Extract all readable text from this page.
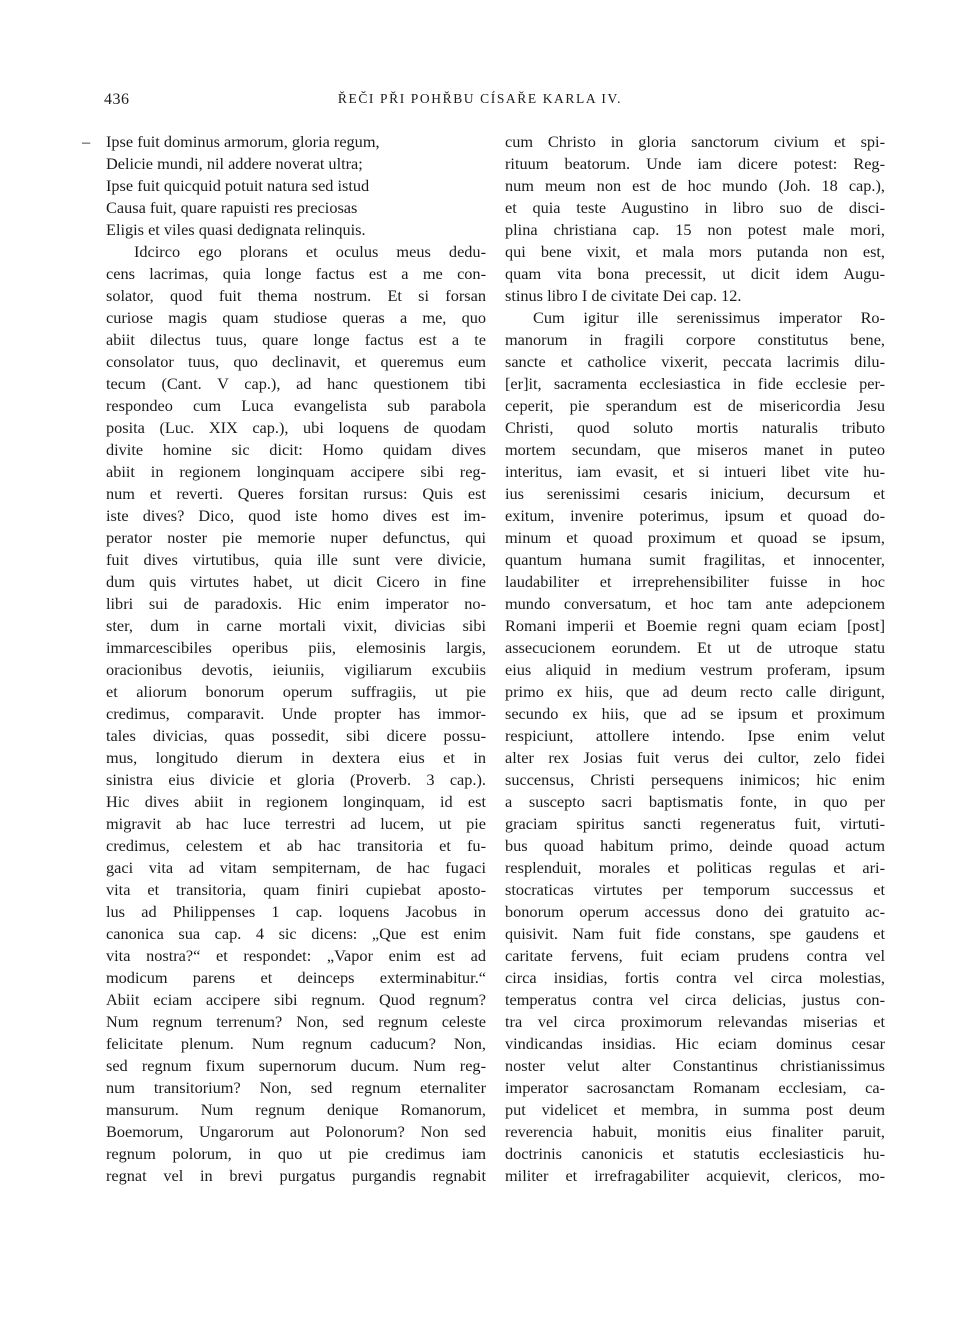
436	ŘEČI PŘI POHŘBU CÍSAŘE KARLA IV.
– Ipse fuit dominus armorum, gloria regum,
Delicie mundi, nil addere noverat ultra;
Ipse fuit quicquid potuit natura sed istud
Causa fuit, quare rapuisti res preciosas
Eligis et viles quasi dedignata relinquis.
Idcirco ego plorans et oculus meus dedu-
cens lacrimas, quia longe factus est a me con-
solator, quod fuit thema nostrum. Et si forsan
curiose magis quam studiose queras a me, quo
abiit dilectus tuus, quare longe factus est a te
consolator tuus, quo declinavit, et queremus eum
tecum (Cant. V cap.), ad hanc questionem tibi
respondeo cum Luca evangelista sub parabola
posita (Luc. XIX cap.), ubi loquens de quodam
divite homine sic dicit: Homo quidam dives
abiit in regionem longinquam accipere sibi reg-
num et reverti. Queres forsitan rursus: Quis est
iste dives? Dico, quod iste homo dives est im-
perator noster pie memorie nuper defunctus, qui
fuit dives virtutibus, quia ille sunt vere divicie,
dum quis virtutes habet, ut dicit Cicero in fine
libri sui de paradoxis. Hic enim imperator no-
ster, dum in carne mortali vixit, divicias sibi
immarcescibiles operibus piis, elemosinis largis,
oracionibus devotis, ieiuniis, vigiliarum excubiis
et aliorum bonorum operum suffragiis, ut pie
credimus, comparavit. Unde propter has immor-
tales divicias, quas possedit, sibi dicere possu-
mus, longitudo dierum in dextera eius et in
sinistra eius divicie et gloria (Proverb. 3 cap.).
Hic dives abiit in regionem longinquam, id est
migravit ab hac luce terrestri ad lucem, ut pie
credimus, celestem et ab hac transitoria et fu-
gaci vita ad vitam sempiternam, de hac fugaci
vita et transitoria, quam finiri cupiebat aposto-
lus ad Philippenses 1 cap. loquens Jacobus in
canonica sua cap. 4 sic dicens: „Que est enim
vita nostra?“ et respondet: „Vapor enim est ad
modicum parens et deinceps exterminabitur.“
Abiit eciam accipere sibi regnum. Quod regnum?
Num regnum terrenum? Non, sed regnum celeste
felicitate plenum. Num regnum caducum? Non,
sed regnum fixum supernorum ducum. Num reg-
num transitorium? Non, sed regnum eternaliter
mansurum. Num regnum denique Romanorum,
Boemorum, Ungarorum aut Polonorum? Non sed
regnum polorum, in quo ut pie credimus iam
regnat vel in brevi purgatus purgandis regnabit
cum Christo in gloria sanctorum civium et spi-
rituum beatorum. Unde iam dicere potest: Reg-
num meum non est de hoc mundo (Joh. 18 cap.),
et quia teste Augustino in libro suo de disci-
plina christiana cap. 15 non potest male mori,
qui bene vixit, et mala mors putanda non est,
quam vita bona precessit, ut dicit idem Augu-
stinus libro I de civitate Dei cap. 12.
Cum igitur ille serenissimus imperator Ro-
manorum in fragili corpore constitutus bene,
sancte et catholice vixerit, peccata lacrimis dilu-
[er]it, sacramenta ecclesiastica in fide ecclesie per-
ceperit, pie sperandum est de misericordia Jesu
Christi, quod soluto mortis naturalis tributo
mortem secundam, que miseros manet in puteo
interitus, iam evasit, et si intueri libet vite hu-
ius serenissimi cesaris inicium, decursum et
exitum, invenire poterimus, ipsum et quoad do-
minum et quoad proximum et quoad se ipsum,
quantum humana sumit fragilitas, et innocenter,
laudabiliter et irreprehensibiliter fuisse in hoc
mundo conversatum, et hoc tam ante adepcionem
Romani imperii et Boemie regni quam eciam [post]
assecucionem eorundem. Et ut de utroque statu
eius aliquid in medium vestrum proferam, ipsum
primo ex hiis, que ad deum recto calle dirigunt,
secundo ex hiis, que ad se ipsum et proximum
respiciunt, attollere intendo. Ipse enim velut
alter rex Josias fuit verus dei cultor, zelo fidei
succensus, Christi persequens inimicos; hic enim
a suscepto sacri baptismatis fonte, in quo per
graciam spiritus sancti regeneratus fuit, virtuti-
bus quoad habitum primo, deinde quoad actum
resplenduit, morales et politicas regulas et ari-
stocraticas virtutes per temporum successus et
bonorum operum accessus dono dei gratuito ac-
quisivit. Nam fuit fide constans, spe gaudens et
caritate fervens, fuit eciam prudens contra vel
circa insidias, fortis contra vel circa molestias,
temperatus contra vel circa delicias, justus con-
tra vel circa proximorum relevandas miserias et
vindicandas insidias. Hic eciam dominus cesar
noster velut alter Constantinus christianissimus
imperator sacrosanctam Romanam ecclesiam, ca-
put videlicet et membra, in summa post deum
reverencia habuit, monitis eius finaliter paruit,
doctrinis canonicis et statutis ecclesiasticis hu-
militer et irrefragabiliter acquievit, clericos, mo-
